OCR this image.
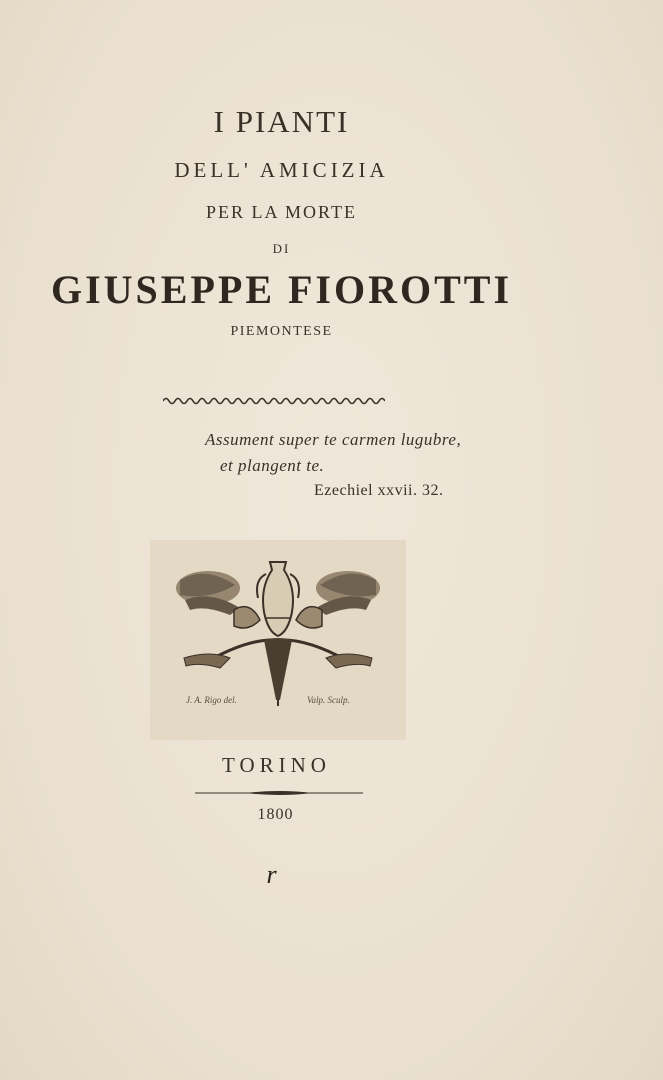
I PIANTI
DELL' AMICIZIA
PER LA MORTE
DI
GIUSEPPE FIOROTTI
PIEMONTESE
Assument super te carmen lugubre,
et plangent te.
Ezechiel xxvii. 32.
J. A. Rigo del.	Valp. Sculp.
TORINO
1800
r
